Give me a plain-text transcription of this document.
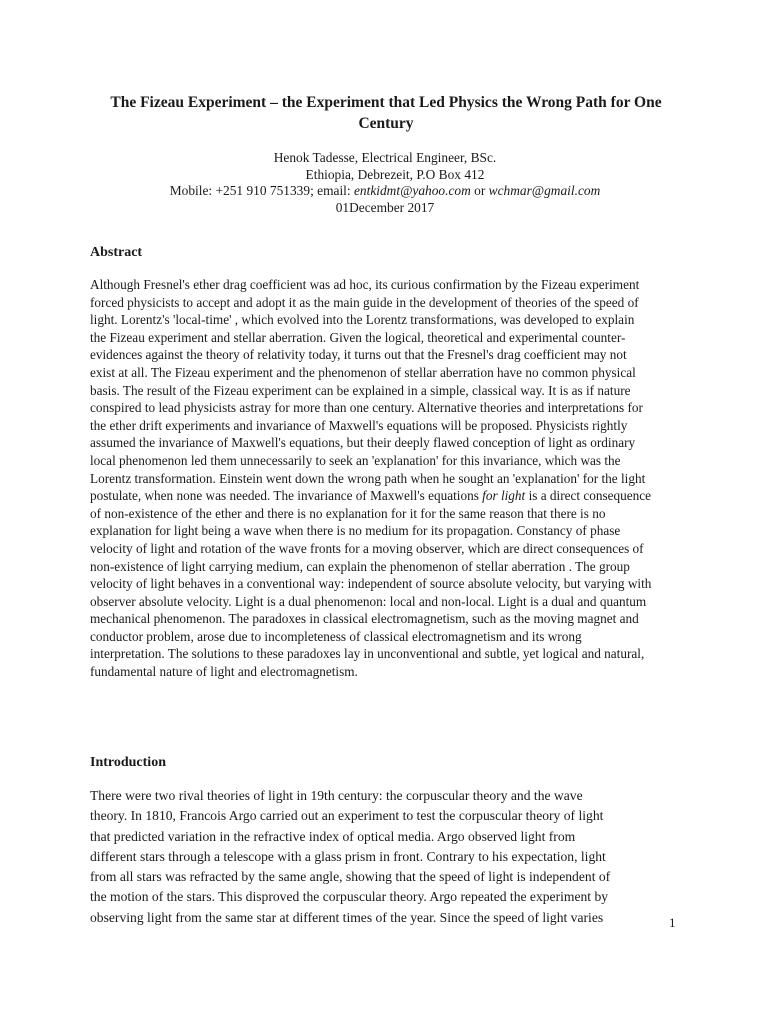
The Fizeau Experiment – the Experiment that Led Physics the Wrong Path for One
Century
Henok Tadesse, Electrical Engineer, BSc.
Ethiopia, Debrezeit, P.O Box 412
Mobile: +251 910 751339; email: entkidmt@yahoo.com or wchmar@gmail.com
01December 2017
Abstract

Although Fresnel's ether drag coefficient was ad hoc, its curious confirmation by the Fizeau experiment
forced physicists to accept and adopt it as the main guide in the development of theories of the speed of
light. Lorentz's 'local-time' , which evolved into the Lorentz transformations, was developed to explain
the Fizeau experiment and stellar aberration. Given the logical, theoretical and experimental counter-
evidences against the theory of relativity today, it turns out that the Fresnel's drag coefficient may not
exist at all. The Fizeau experiment and the phenomenon of stellar aberration have no common physical
basis. The result of the Fizeau experiment can be explained in a simple, classical way. It is as if nature
conspired to lead physicists astray for more than one century. Alternative theories and interpretations for
the ether drift experiments and invariance of Maxwell's equations will be proposed. Physicists rightly
assumed the invariance of Maxwell's equations, but their deeply flawed conception of light as ordinary
local phenomenon led them unnecessarily to seek an 'explanation' for this invariance, which was the
Lorentz transformation. Einstein went down the wrong path when he sought an 'explanation' for the light
postulate, when none was needed. The invariance of Maxwell's equations for light is a direct consequence
of non-existence of the ether and there is no explanation for it for the same reason that there is no
explanation for light being a wave when there is no medium for its propagation. Constancy of phase
velocity of light and rotation of the wave fronts for a moving observer, which are direct consequences of
non-existence of light carrying medium, can explain the phenomenon of stellar aberration . The group
velocity of light behaves in a conventional way: independent of source absolute velocity, but varying with
observer absolute velocity. Light is a dual phenomenon: local and non-local. Light is a dual and quantum
mechanical phenomenon. The paradoxes in classical electromagnetism, such as the moving magnet and
conductor problem, arose due to incompleteness of classical electromagnetism and its wrong
interpretation. The solutions to these paradoxes lay in unconventional and subtle, yet logical and natural,
fundamental nature of light and electromagnetism.

Introduction

There were two rival theories of light in 19th century: the corpuscular theory and the wave
theory. In 1810, Francois Argo carried out an experiment to test the corpuscular theory of light
that predicted variation in the refractive index of optical media. Argo observed light from
different stars through a telescope with a glass prism in front. Contrary to his expectation, light
from all stars was refracted by the same angle, showing that the speed of light is independent of
the motion of the stars. This disproved the corpuscular theory. Argo repeated the experiment by
observing light from the same star at different times of the year. Since the speed of light varies	1
